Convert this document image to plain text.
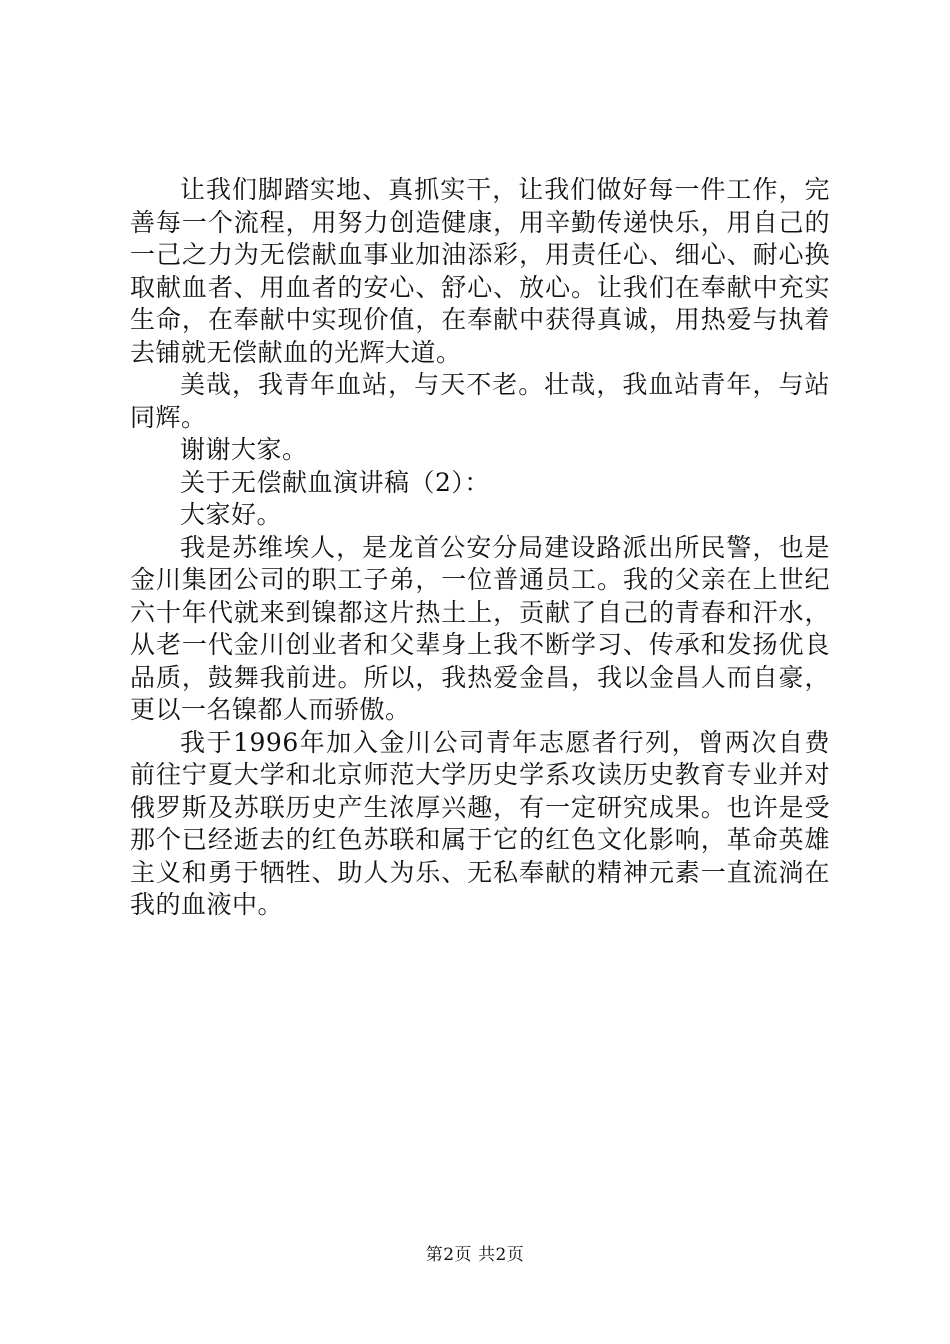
让我们脚踏实地、真抓实干，让我们做好每一件工作，完善每一个流程，用努力创造健康，用辛勤传递快乐，用自己的一己之力为无偿献血事业加油添彩，用责任心、细心、耐心换取献血者、用血者的安心、舒心、放心。让我们在奉献中充实生命，在奉献中实现价值，在奉献中获得真诚，用热爱与执着去铺就无偿献血的光辉大道。

美哉，我青年血站，与天不老。壮哉，我血站青年，与站同辉。

谢谢大家。

关于无偿献血演讲稿（2）：

大家好。

我是苏维埃人，是龙首公安分局建设路派出所民警，也是金川集团公司的职工子弟，一位普通员工。我的父亲在上世纪六十年代就来到镍都这片热土上，贡献了自己的青春和汗水，从老一代金川创业者和父辈身上我不断学习、传承和发扬优良品质，鼓舞我前进。所以，我热爱金昌，我以金昌人而自豪，更以一名镍都人而骄傲。

我于1996年加入金川公司青年志愿者行列，曾两次自费前往宁夏大学和北京师范大学历史学系攻读历史教育专业并对俄罗斯及苏联历史产生浓厚兴趣，有一定研究成果。也许是受那个已经逝去的红色苏联和属于它的红色文化影响，革命英雄主义和勇于牺牲、助人为乐、无私奉献的精神元素一直流淌在我的血液中。

第2页 共2页
